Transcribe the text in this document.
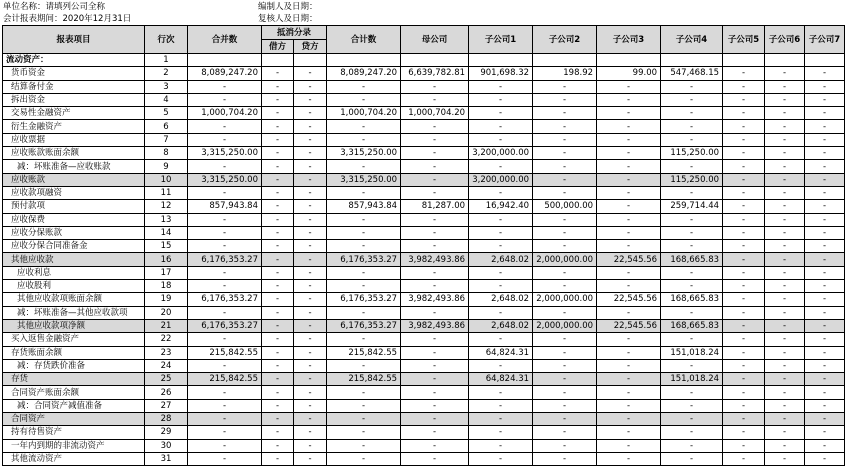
单位名称：请填列公司全称
会计报表期间：2020年12月31日
编制人及日期：
复核人及日期：
报表项目	行次	合并数	抵消分录		合计数	母公司	子公司1	子公司2	子公司3	子公司4	子公司5	子公司6	子公司7
			借方	贷方									
流动资产：	1												
货币资金	2	8,089,247.20	-	-	8,089,247.20	6,639,782.81	901,698.32	198.92	99.00	547,468.15	-	-	-
结算备付金	3	-	-	-	-	-	-	-	-	-	-	-	-
拆出资金	4	-	-	-	-	-	-	-	-	-	-	-	-
交易性金融资产	5	1,000,704.20	-	-	1,000,704.20	1,000,704.20	-	-	-	-	-	-	-
衍生金融资产	6	-	-	-	-	-	-	-	-	-	-	-	-
应收票据	7	-	-	-	-	-	-	-	-	-	-	-	-
应收账款账面余额	8	3,315,250.00	-	-	3,315,250.00	-	3,200,000.00	-	-	115,250.00	-	-	-
减：坏账准备—应收账款	9	-	-	-	-	-	-	-	-	-	-	-	-
应收账款	10	3,315,250.00	-	-	3,315,250.00	-	3,200,000.00	-	-	115,250.00	-	-	-
应收款项融资	11	-	-	-	-	-	-	-	-	-	-	-	-
预付款项	12	857,943.84	-	-	857,943.84	81,287.00	16,942.40	500,000.00	-	259,714.44	-	-	-
应收保费	13	-	-	-	-	-	-	-	-	-	-	-	-
应收分保账款	14	-	-	-	-	-	-	-	-	-	-	-	-
应收分保合同准备金	15	-	-	-	-	-	-	-	-	-	-	-	-
其他应收款	16	6,176,353.27	-	-	6,176,353.27	3,982,493.86	2,648.02	2,000,000.00	22,545.56	168,665.83	-	-	-
应收利息	17	-	-	-	-	-	-	-	-	-	-	-	-
应收股利	18	-	-	-	-	-	-	-	-	-	-	-	-
其他应收款项账面余额	19	6,176,353.27	-	-	6,176,353.27	3,982,493.86	2,648.02	2,000,000.00	22,545.56	168,665.83	-	-	-
减：坏账准备—其他应收款项	20	-	-	-	-	-	-	-	-	-	-	-	-
其他应收款项净额	21	6,176,353.27	-	-	6,176,353.27	3,982,493.86	2,648.02	2,000,000.00	22,545.56	168,665.83	-	-	-
买入返售金融资产	22	-	-	-	-	-	-	-	-	-	-	-	-
存货账面余额	23	215,842.55	-	-	215,842.55	-	64,824.31	-	-	151,018.24	-	-	-
减：存货跌价准备	24	-	-	-	-	-	-	-	-	-	-	-	-
存货	25	215,842.55	-	-	215,842.55	-	64,824.31	-	-	151,018.24	-	-	-
合同资产账面余额	26	-	-	-	-	-	-	-	-	-	-	-	-
减：合同资产减值准备	27	-	-	-	-	-	-	-	-	-	-	-	-
合同资产	28	-	-	-	-	-	-	-	-	-	-	-	-
持有待售资产	29	-	-	-	-	-	-	-	-	-	-	-	-
一年内到期的非流动资产	30	-	-	-	-	-	-	-	-	-	-	-	-
其他流动资产	31	-	-	-	-	-	-	-	-	-	-	-	-
